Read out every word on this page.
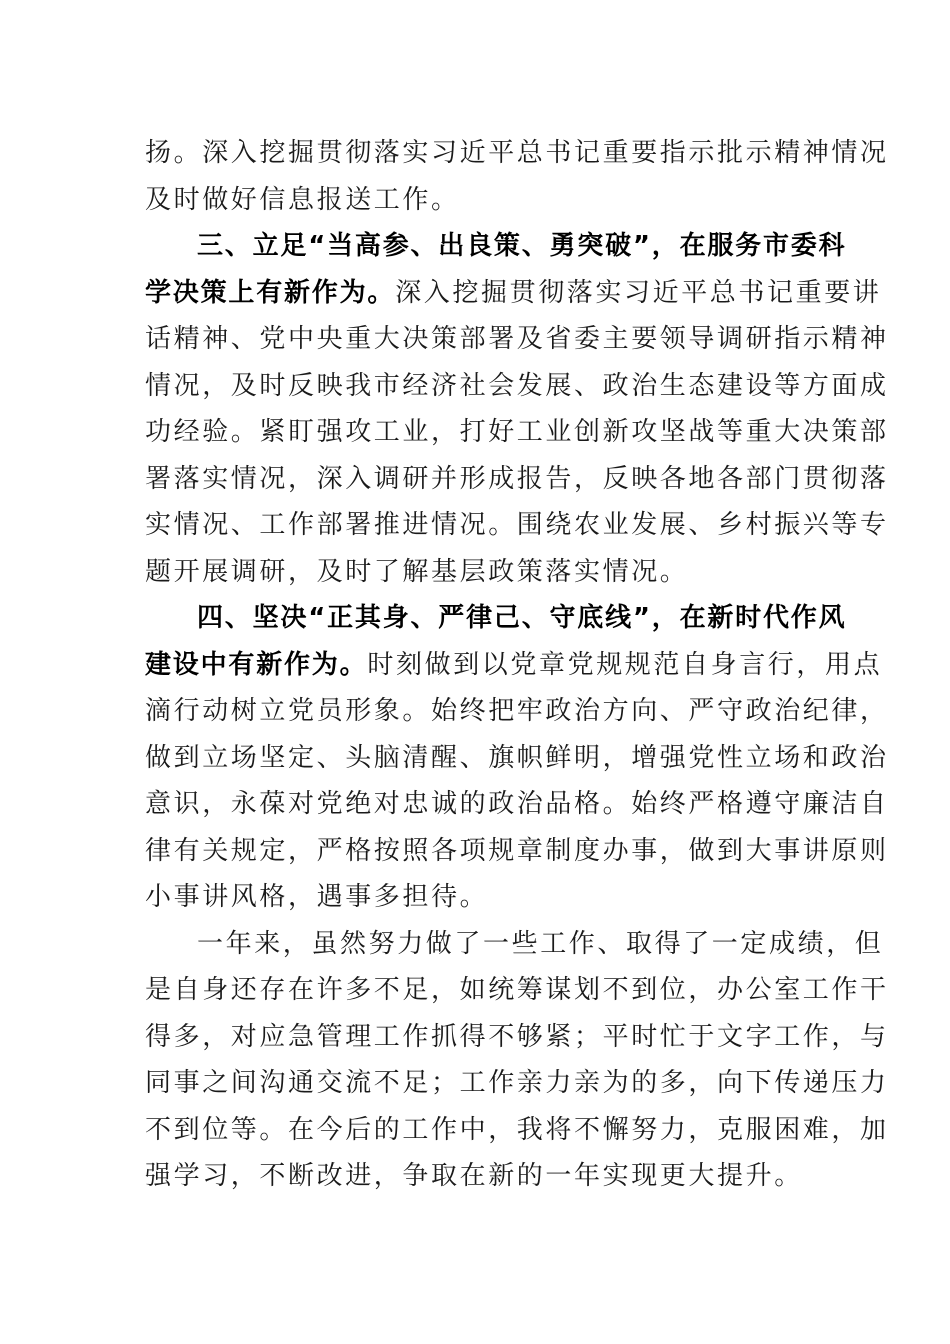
扬。深入挖掘贯彻落实习近平总书记重要指示批示精神情况
及时做好信息报送工作。
三、立足“当高参、出良策、勇突破”，在服务市委科
学决策上有新作为。深入挖掘贯彻落实习近平总书记重要讲
话精神、党中央重大决策部署及省委主要领导调研指示精神
情况，及时反映我市经济社会发展、政治生态建设等方面成
功经验。紧盯强攻工业，打好工业创新攻坚战等重大决策部
署落实情况，深入调研并形成报告，反映各地各部门贯彻落
实情况、工作部署推进情况。围绕农业发展、乡村振兴等专
题开展调研，及时了解基层政策落实情况。
四、坚决“正其身、严律己、守底线”，在新时代作风
建设中有新作为。时刻做到以党章党规规范自身言行，用点
滴行动树立党员形象。始终把牢政治方向、严守政治纪律，
做到立场坚定、头脑清醒、旗帜鲜明，增强党性立场和政治
意识，永葆对党绝对忠诚的政治品格。始终严格遵守廉洁自
律有关规定，严格按照各项规章制度办事，做到大事讲原则
小事讲风格，遇事多担待。
一年来，虽然努力做了一些工作、取得了一定成绩，但
是自身还存在许多不足，如统筹谋划不到位，办公室工作干
得多，对应急管理工作抓得不够紧；平时忙于文字工作，与
同事之间沟通交流不足；工作亲力亲为的多，向下传递压力
不到位等。在今后的工作中，我将不懈努力，克服困难，加
强学习，不断改进，争取在新的一年实现更大提升。
